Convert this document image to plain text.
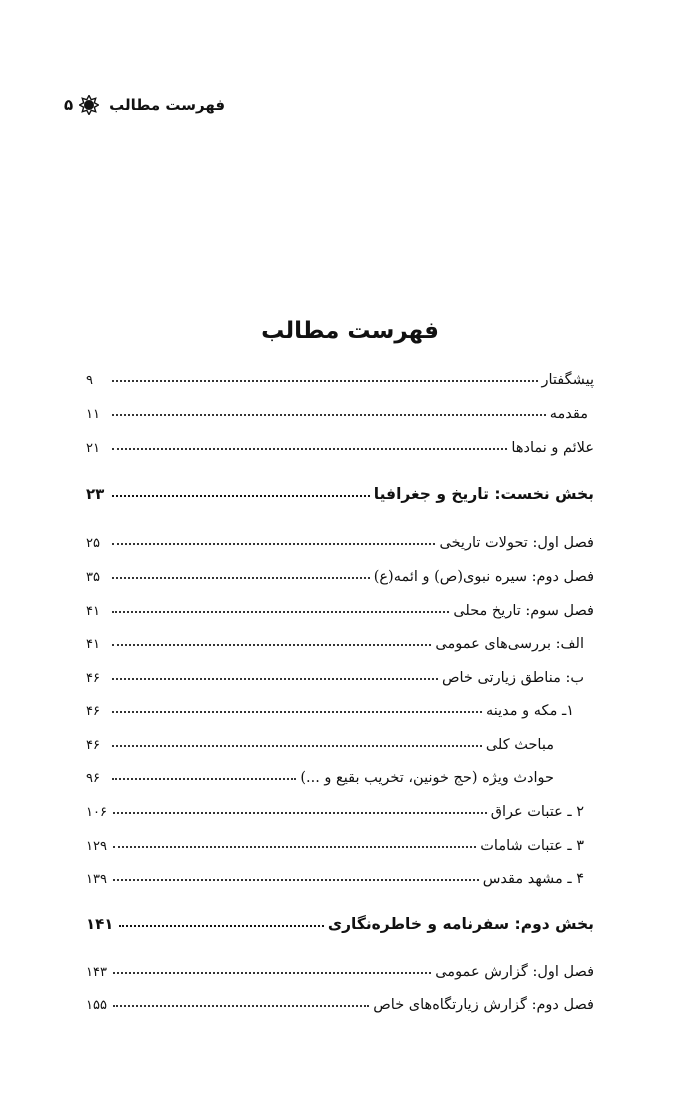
۵ فهرست مطالب
فهرست مطالب
پیشگفتار
۹
مقدمه
۱۱
علائم و نمادها
۲۱
بخش نخست: تاریخ و جغرافیا
۲۳
فصل اول: تحولات تاریخی
۲۵
فصل دوم: سیره نبوی(ص) و ائمه(ع)
۳۵
فصل سوم: تاریخ محلی
۴۱
الف: بررسی‌های عمومی
۴۱
ب: مناطق زیارتی خاص
۴۶
۱ـ مکه و مدینه
۴۶
مباحث کلی
۴۶
حوادث ویژه (حج خونین، تخریب بقیع و ...)
۹۶
۲ ـ عتبات عراق
۱۰۶
۳ ـ عتبات شامات
۱۲۹
۴ ـ مشهد مقدس
۱۳۹
بخش دوم: سفرنامه و خاطره‌نگاری
۱۴۱
فصل اول: گزارش عمومی
۱۴۳
فصل دوم: گزارش زیارتگاه‌های خاص
۱۵۵
